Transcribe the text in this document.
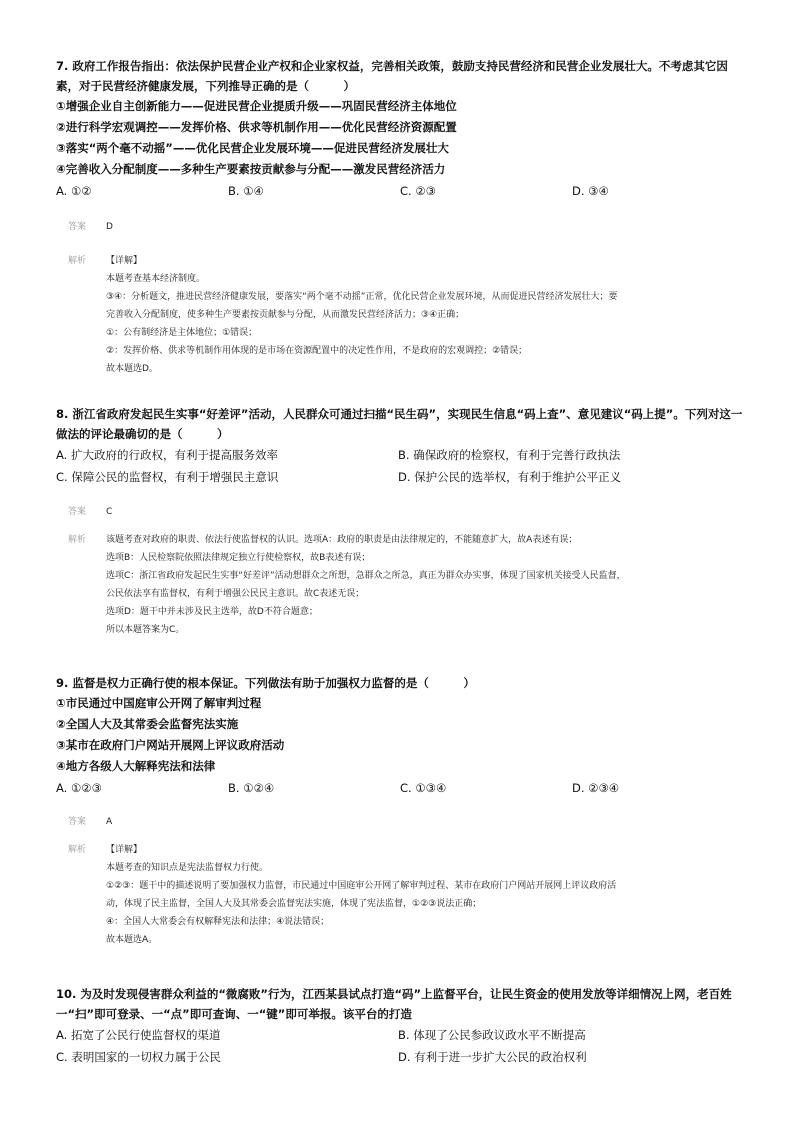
7. 政府工作报告指出：依法保护民营企业产权和企业家权益，完善相关政策，鼓励支持民营经济和民营企业发展壮大。不考虑其它因素，对于民营经济健康发展，下列推导正确的是（　　　）

①增强企业自主创新能力——促进民营企业提质升级——巩固民营经济主体地位

②进行科学宏观调控——发挥价格、供求等机制作用——优化民营经济资源配置

③落实“两个毫不动摇”——优化民营企业发展环境——促进民营经济发展壮大

④完善收入分配制度——多种生产要素按贡献参与分配——激发民营经济活力

A. ①②	B. ①④	C. ②③	D. ③④
答案	D
解析	【详解】

本题考查基本经济制度。

③④：分析题文，推进民营经济健康发展，要落实“两个毫不动摇”正常，优化民营企业发展环境，从而促进民营经济发展壮大；要

完善收入分配制度，使多种生产要素按贡献参与分配，从而激发民营经济活力；③④正确；

①：公有制经济是主体地位；①错误；

②：发挥价格、供求等机制作用体现的是市场在资源配置中的决定性作用，不是政府的宏观调控；②错误；

故本题选D。

8. 浙江省政府发起民生实事“好差评”活动，人民群众可通过扫描“民生码”，实现民生信息“码上查”、意见建议“码上提”。下列对这一做法的评论最确切的是（　　　）

A. 扩大政府的行政权，有利于提高服务效率	B. 确保政府的检察权，有利于完善行政执法
C. 保障公民的监督权，有利于增强民主意识	D. 保护公民的选举权，有利于维护公平正义
答案	C
解析	该题考查对政府的职责、依法行使监督权的认识。选项A：政府的职责是由法律规定的，不能随意扩大，故A表述有误；

选项B：人民检察院依照法律规定独立行使检察权，故B表述有误；

选项C：浙江省政府发起民生实事“好差评”活动想群众之所想，急群众之所急，真正为群众办实事，体现了国家机关接受人民监督，

公民依法享有监督权，有利于增强公民民主意识。故C表述无误；

选项D：题干中并未涉及民主选举，故D不符合题意；

所以本题答案为C。

9. 监督是权力正确行使的根本保证。下列做法有助于加强权力监督的是（　　　）

①市民通过中国庭审公开网了解审判过程

②全国人大及其常委会监督宪法实施

③某市在政府门户网站开展网上评议政府活动

④地方各级人大解释宪法和法律

A. ①②③	B. ①②④	C. ①③④	D. ②③④
答案	A
解析	【详解】

本题考查的知识点是宪法监督权力行使。

①②③：题干中的描述说明了要加强权力监督，市民通过中国庭审公开网了解审判过程、某市在政府门户网站开展网上评议政府活

动，体现了民主监督，全国人大及其常委会监督宪法实施，体现了宪法监督，①②③说法正确；

④：全国人大常委会有权解释宪法和法律；④说法错误；

故本题选A。

10. 为及时发现侵害群众利益的“微腐败”行为，江西某县试点打造“码”上监督平台，让民生资金的使用发放等详细情况上网，老百姓一“扫”即可登录、一“点”即可查询、一“键”即可举报。该平台的打造

A. 拓宽了公民行使监督权的渠道	B. 体现了公民参政议政水平不断提高
C. 表明国家的一切权力属于公民	D. 有利于进一步扩大公民的政治权利
